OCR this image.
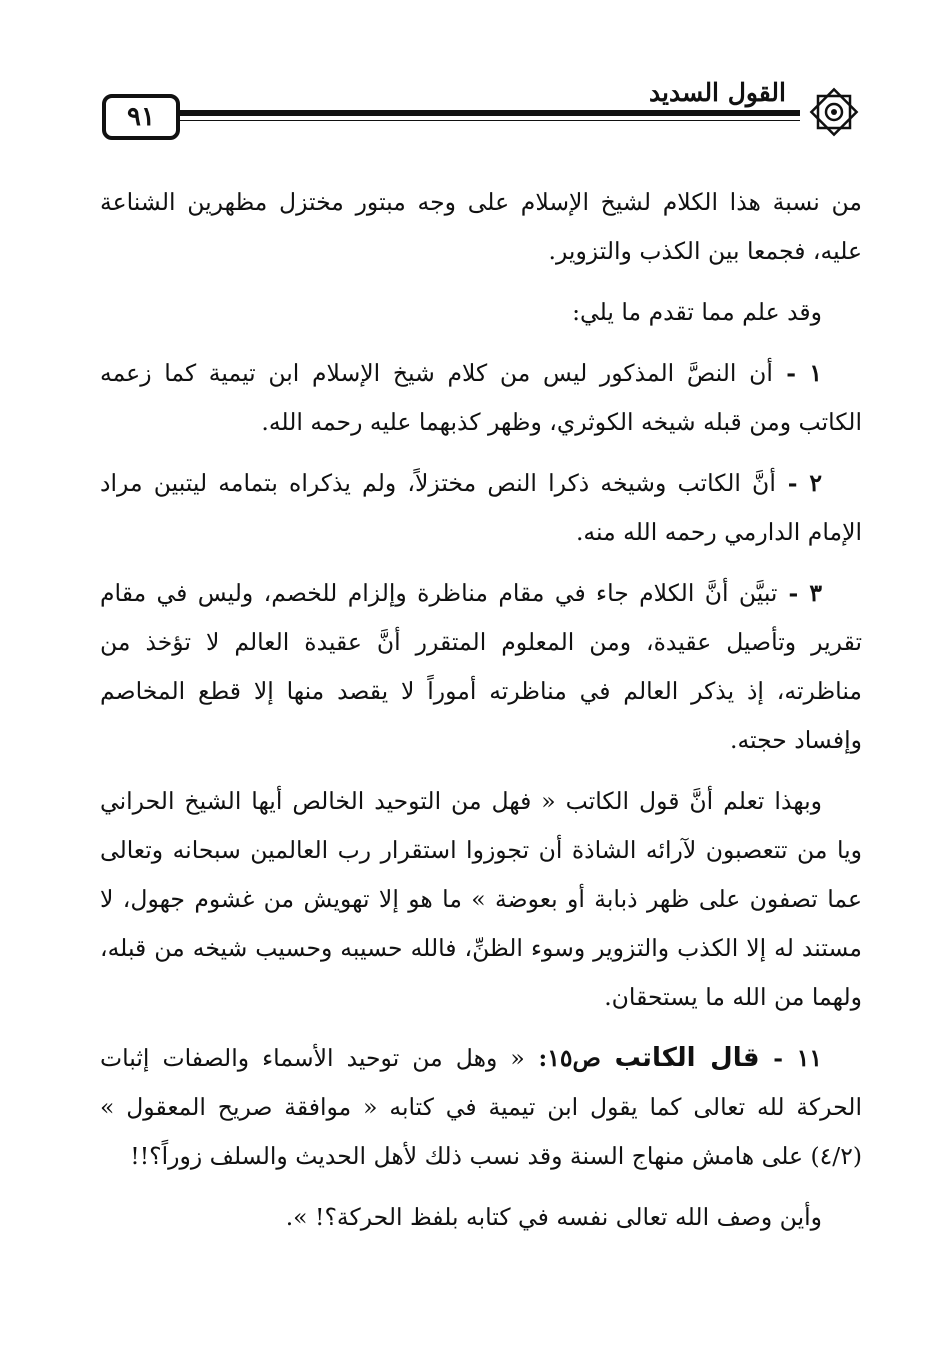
٩١
القول السديد

من نسبة هذا الكلام لشيخ الإسلام على وجه مبتور مختزل مظهرين الشناعة عليه، فجمعا بين الكذب والتزوير.

وقد علم مما تقدم ما يلي:

١ - أن النصَّ المذكور ليس من كلام شيخ الإسلام ابن تيمية كما زعمه الكاتب ومن قبله شيخه الكوثري، وظهر كذبهما عليه رحمه الله.

٢ - أنَّ الكاتب وشيخه ذكرا النص مختزلاً، ولم يذكراه بتمامه ليتبين مراد الإمام الدارمي رحمه الله منه.

٣ - تبيَّن أنَّ الكلام جاء في مقام مناظرة وإلزام للخصم، وليس في مقام تقرير وتأصيل عقيدة، ومن المعلوم المتقرر أنَّ عقيدة العالم لا تؤخذ من مناظرته، إذ يذكر العالم في مناظرته أموراً لا يقصد منها إلا قطع المخاصم وإفساد حجته.

وبهذا تعلم أنَّ قول الكاتب « فهل من التوحيد الخالص أيها الشيخ الحراني ويا من تتعصبون لآرائه الشاذة أن تجوزوا استقرار رب العالمين سبحانه وتعالى عما تصفون على ظهر ذبابة أو بعوضة » ما هو إلا تهويش من غشوم جهول، لا مستند له إلا الكذب والتزوير وسوء الظنِّ، فالله حسيبه وحسيب شيخه من قبله، ولهما من الله ما يستحقان.

١١ - قال الكاتب ص١٥: « وهل من توحيد الأسماء والصفات إثبات الحركة لله تعالى كما يقول ابن تيمية في كتابه « موافقة صريح المعقول » (٤/٢) على هامش منهاج السنة وقد نسب ذلك لأهل الحديث والسلف زوراً؟!!

وأين وصف الله تعالى نفسه في كتابه بلفظ الحركة؟! ».
